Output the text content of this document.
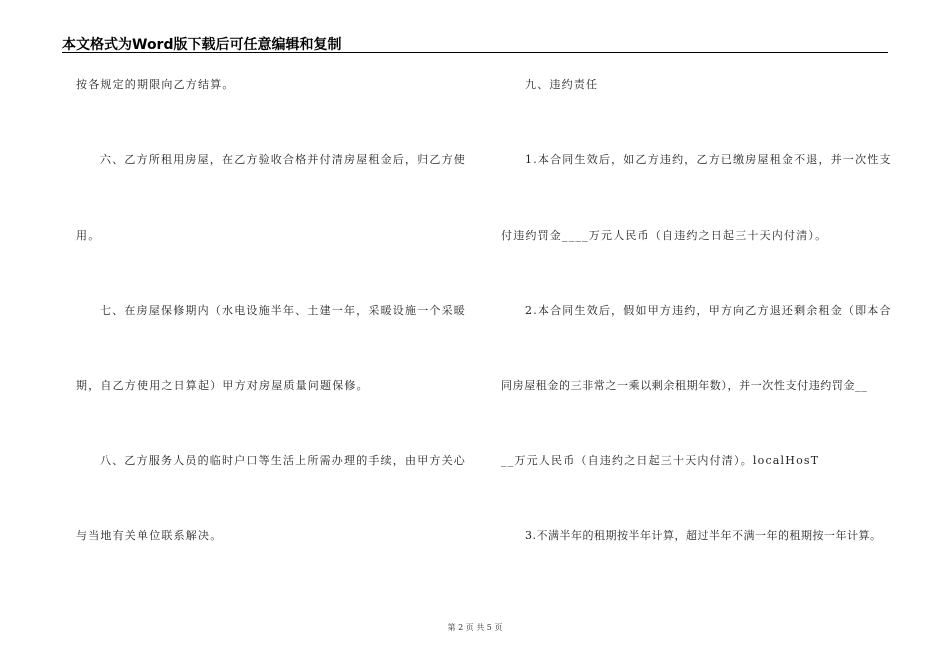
本文格式为Word版下载后可任意编辑和复制
按各规定的期限向乙方结算。
六、乙方所租用房屋，在乙方验收合格并付清房屋租金后，归乙方使
用。
七、在房屋保修期内（水电设施半年、土建一年，采暖设施一个采暖
期，自乙方使用之日算起）甲方对房屋质量问题保修。
八、乙方服务人员的临时户口等生活上所需办理的手续，由甲方关心
与当地有关单位联系解决。
九、违约责任
1.本合同生效后，如乙方违约，乙方已缴房屋租金不退，并一次性支
付违约罚金____万元人民币（自违约之日起三十天内付清）。
2.本合同生效后，假如甲方违约，甲方向乙方退还剩余租金（即本合
同房屋租金的三非常之一乘以剩余租期年数），并一次性支付违约罚金__
__万元人民币（自违约之日起三十天内付清）。localHosT
3.不满半年的租期按半年计算，超过半年不满一年的租期按一年计算。
第 2 页 共 5 页
